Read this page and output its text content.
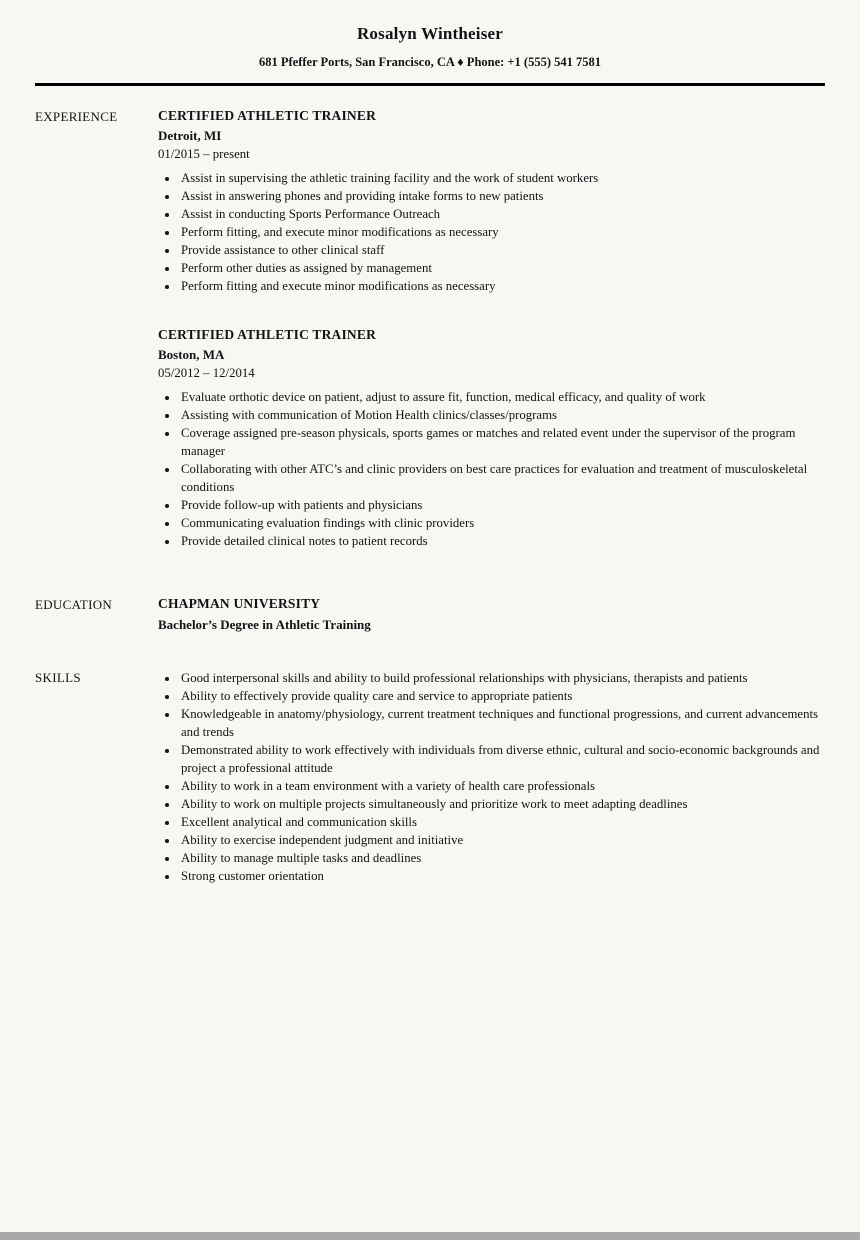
Rosalyn Wintheiser
681 Pfeffer Ports, San Francisco, CA ♦ Phone: +1 (555) 541 7581
EXPERIENCE	CERTIFIED ATHLETIC TRAINER
Detroit, MI
01/2015 – present
• Assist in supervising the athletic training facility and the work of student workers
• Assist in answering phones and providing intake forms to new patients
• Assist in conducting Sports Performance Outreach
• Perform fitting, and execute minor modifications as necessary
• Provide assistance to other clinical staff
• Perform other duties as assigned by management
• Perform fitting and execute minor modifications as necessary
CERTIFIED ATHLETIC TRAINER
Boston, MA
05/2012 – 12/2014
• Evaluate orthotic device on patient, adjust to assure fit, function, medical efficacy, and quality of work
• Assisting with communication of Motion Health clinics/classes/programs
• Coverage assigned pre-season physicals, sports games or matches and related event under the supervisor of the program manager
• Collaborating with other ATC’s and clinic providers on best care practices for evaluation and treatment of musculoskeletal conditions
• Provide follow-up with patients and physicians
• Communicating evaluation findings with clinic providers
• Provide detailed clinical notes to patient records
EDUCATION	CHAPMAN UNIVERSITY
Bachelor’s Degree in Athletic Training
SKILLS	• Good interpersonal skills and ability to build professional relationships with physicians, therapists and patients
• Ability to effectively provide quality care and service to appropriate patients
• Knowledgeable in anatomy/physiology, current treatment techniques and functional progressions, and current advancements and trends
• Demonstrated ability to work effectively with individuals from diverse ethnic, cultural and socio-economic backgrounds and project a professional attitude
• Ability to work in a team environment with a variety of health care professionals
• Ability to work on multiple projects simultaneously and prioritize work to meet adapting deadlines
• Excellent analytical and communication skills
• Ability to exercise independent judgment and initiative
• Ability to manage multiple tasks and deadlines
• Strong customer orientation
